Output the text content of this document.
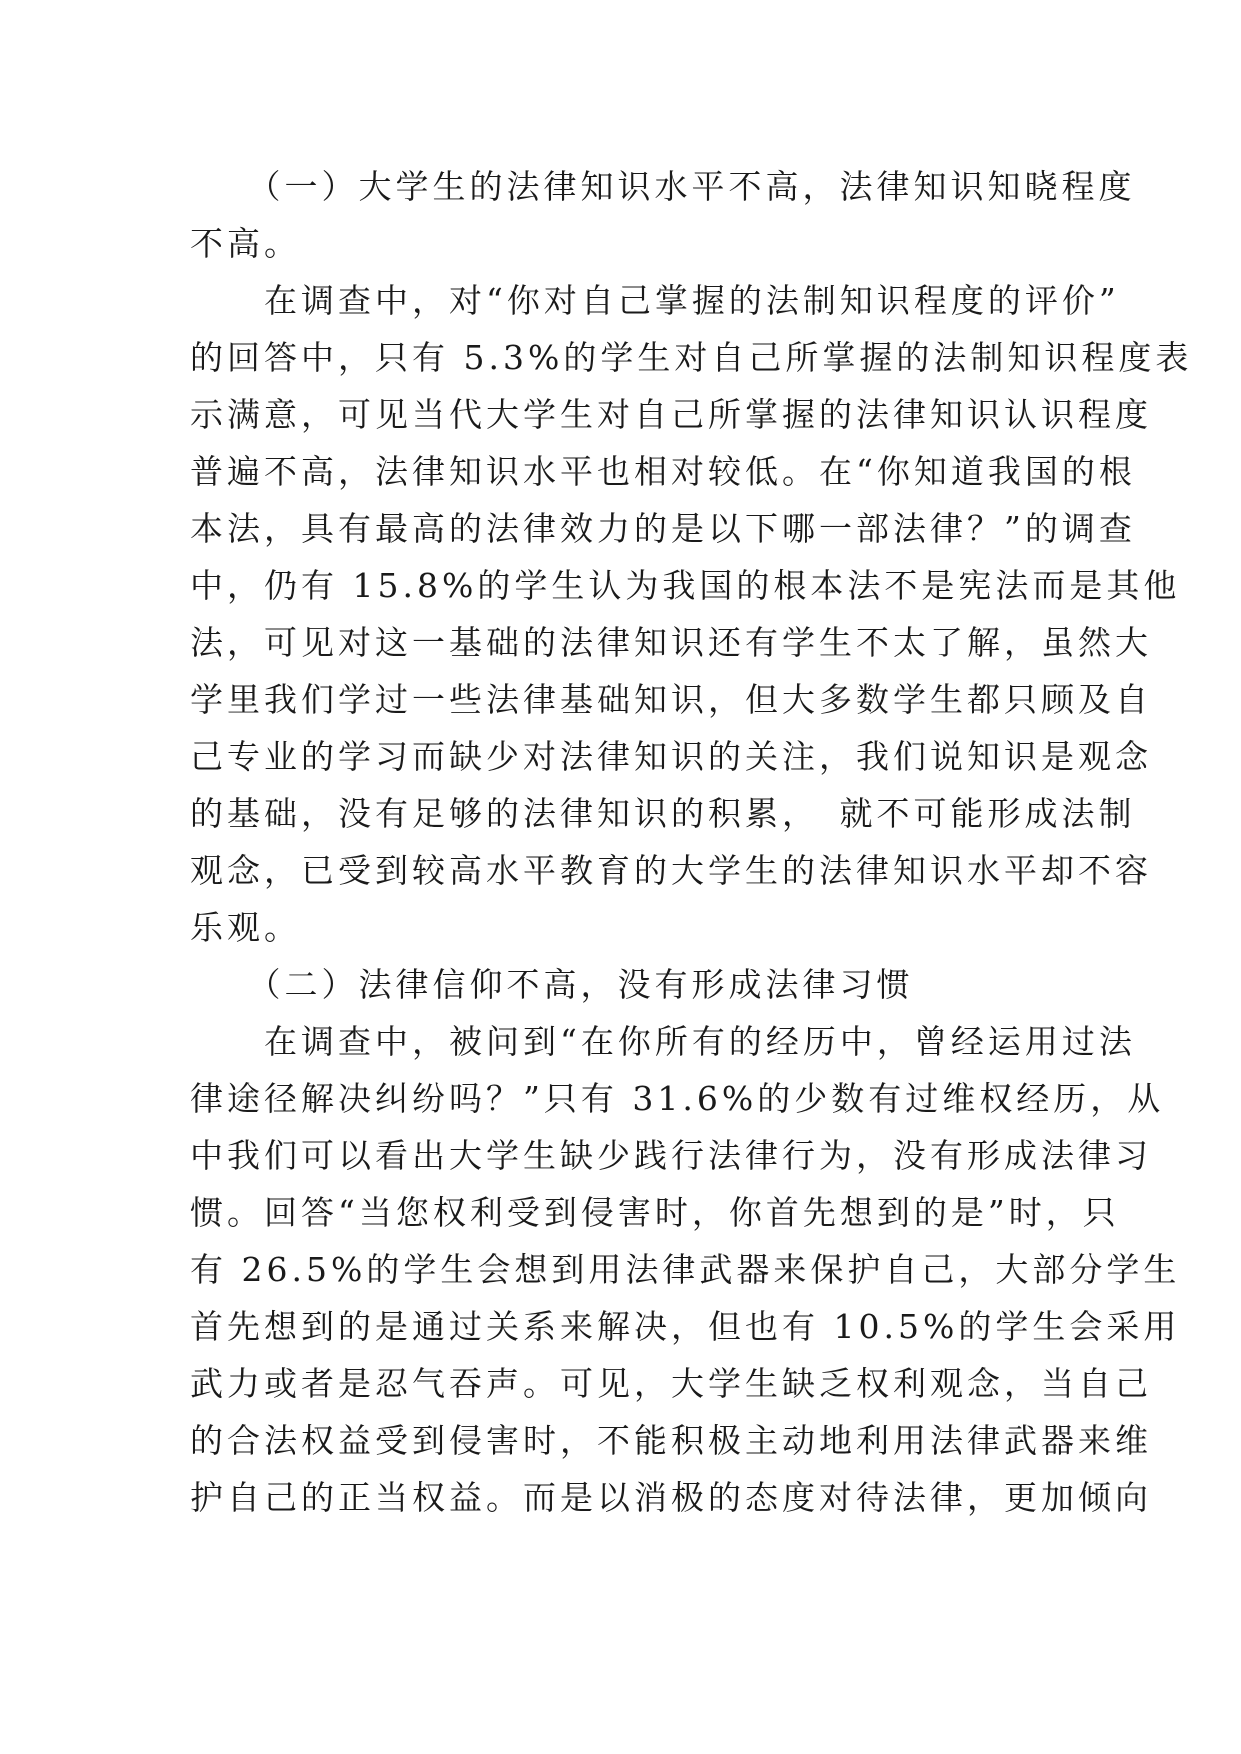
　　（一）大学生的法律知识水平不高，法律知识知晓程度
不高。
　　在调查中，对“你对自己掌握的法制知识程度的评价”
的回答中，只有 5.3%的学生对自己所掌握的法制知识程度表
示满意，可见当代大学生对自己所掌握的法律知识认识程度
普遍不高，法律知识水平也相对较低。在“你知道我国的根
本法，具有最高的法律效力的是以下哪一部法律？”的调查
中，仍有 15.8%的学生认为我国的根本法不是宪法而是其他
法，可见对这一基础的法律知识还有学生不太了解，虽然大
学里我们学过一些法律基础知识，但大多数学生都只顾及自
己专业的学习而缺少对法律知识的关注，我们说知识是观念
的基础，没有足够的法律知识的积累，　就不可能形成法制
观念，已受到较高水平教育的大学生的法律知识水平却不容
乐观。
　　（二）法律信仰不高，没有形成法律习惯
　　在调查中，被问到“在你所有的经历中，曾经运用过法
律途径解决纠纷吗？”只有 31.6%的少数有过维权经历，从
中我们可以看出大学生缺少践行法律行为，没有形成法律习
惯。回答“当您权利受到侵害时，你首先想到的是”时，只
有 26.5%的学生会想到用法律武器来保护自己，大部分学生
首先想到的是通过关系来解决，但也有 10.5%的学生会采用
武力或者是忍气吞声。可见，大学生缺乏权利观念，当自己
的合法权益受到侵害时，不能积极主动地利用法律武器来维
护自己的正当权益。而是以消极的态度对待法律，更加倾向
